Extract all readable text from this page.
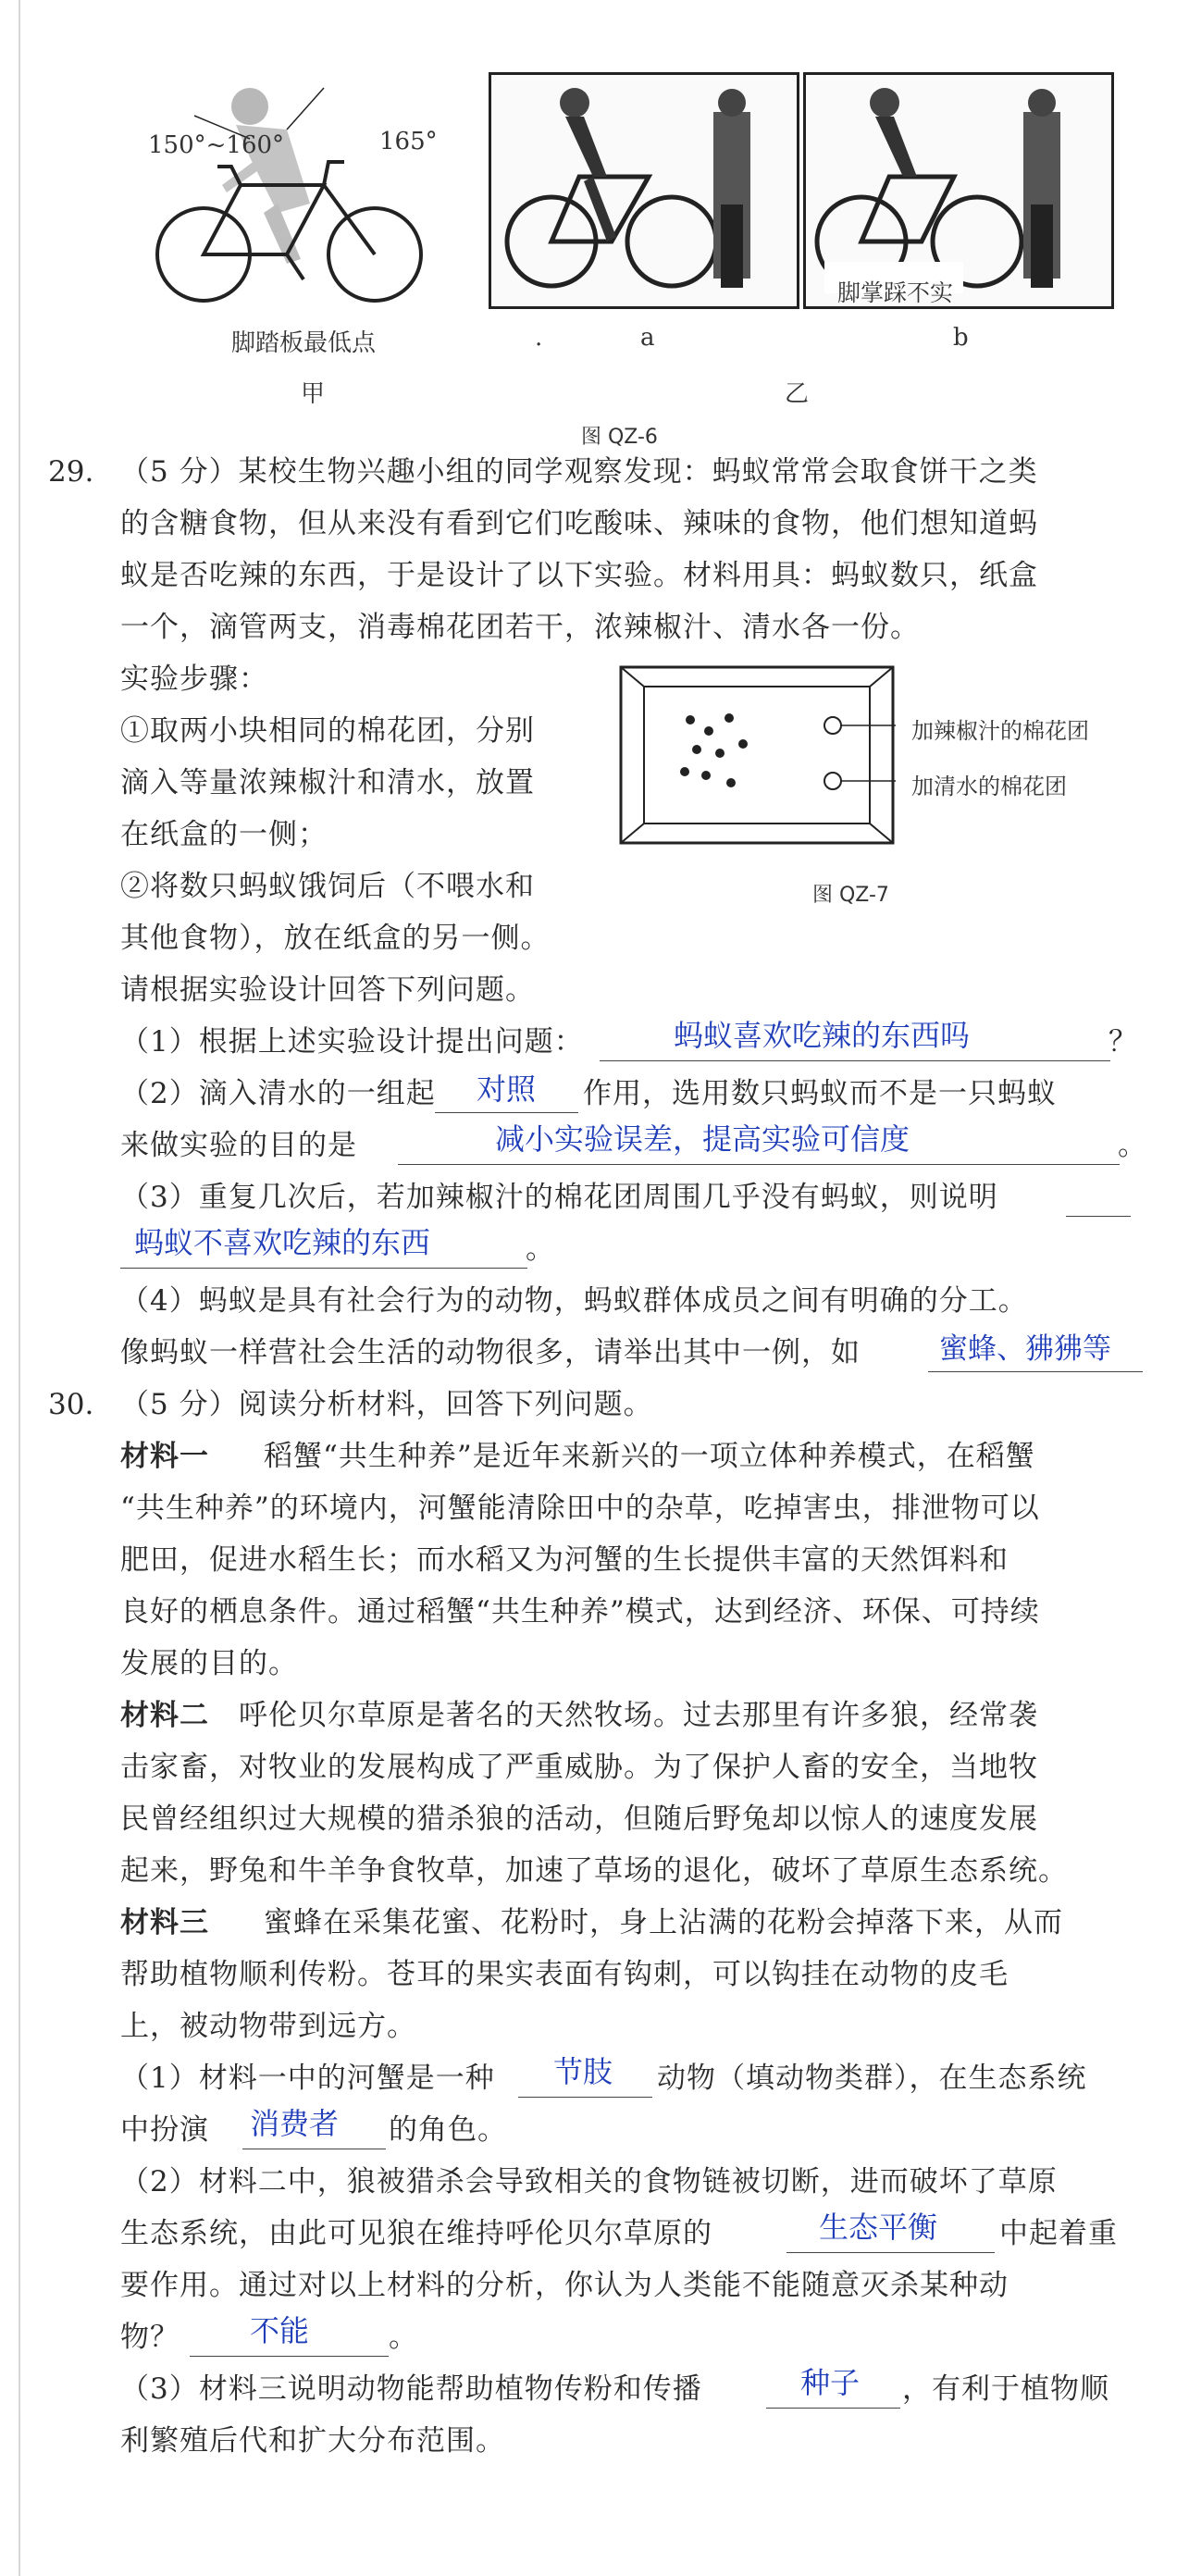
150°~160°	165°
脚踏板最低点
甲
.	a
脚掌踩不实
b
乙
图 QZ-6
29. （5 分）某校生物兴趣小组的同学观察发现：蚂蚁常常会取食饼干之类
的含糖食物，但从来没有看到它们吃酸味、辣味的食物，他们想知道蚂
蚁是否吃辣的东西，于是设计了以下实验。材料用具：蚂蚁数只，纸盒
一个，滴管两支，消毒棉花团若干，浓辣椒汁、清水各一份。
实验步骤：
①取两小块相同的棉花团，分别
滴入等量浓辣椒汁和清水，放置
在纸盒的一侧；
②将数只蚂蚁饿饲后（不喂水和
其他食物），放在纸盒的另一侧。
加辣椒汁的棉花团
加清水的棉花团
图 QZ-7
请根据实验设计回答下列问题。
（1）根据上述实验设计提出问题：	蚂蚁喜欢吃辣的东西吗	？
（2）滴入清水的一组起 对照 作用，选用数只蚂蚁而不是一只蚂蚁
来做实验的目的是	减小实验误差，提高实验可信度	。
（3）重复几次后，若加辣椒汁的棉花团周围几乎没有蚂蚁，则说明
蚂蚁不喜欢吃辣的东西	。
（4）蚂蚁是具有社会行为的动物，蚂蚁群体成员之间有明确的分工。
像蚂蚁一样营社会生活的动物很多，请举出其中一例，如	蜜蜂、狒狒等
30. （5 分）阅读分析材料，回答下列问题。
材料一 稻蟹“共生种养”是近年来新兴的一项立体种养模式，在稻蟹
“共生种养”的环境内，河蟹能清除田中的杂草，吃掉害虫，排泄物可以
肥田，促进水稻生长；而水稻又为河蟹的生长提供丰富的天然饵料和
良好的栖息条件。通过稻蟹“共生种养”模式，达到经济、环保、可持续
发展的目的。
材料二 呼伦贝尔草原是著名的天然牧场。过去那里有许多狼，经常袭
击家畜，对牧业的发展构成了严重威胁。为了保护人畜的安全，当地牧
民曾经组织过大规模的猎杀狼的活动，但随后野兔却以惊人的速度发展
起来，野兔和牛羊争食牧草，加速了草场的退化，破坏了草原生态系统。
材料三 蜜蜂在采集花蜜、花粉时，身上沾满的花粉会掉落下来，从而
帮助植物顺利传粉。苍耳的果实表面有钩刺，可以钩挂在动物的皮毛
上，被动物带到远方。
（1）材料一中的河蟹是一种 节肢 动物（填动物类群），在生态系统
中扮演 消费者 的角色。
（2）材料二中，狼被猎杀会导致相关的食物链被切断，进而破坏了草原
生态系统，由此可见狼在维持呼伦贝尔草原的	生态平衡 中起着重
要作用。通过对以上材料的分析，你认为人类能不能随意灭杀某种动
物？ 不能	。
（3）材料三说明动物能帮助植物传粉和传播	种子 ，有利于植物顺
利繁殖后代和扩大分布范围。
